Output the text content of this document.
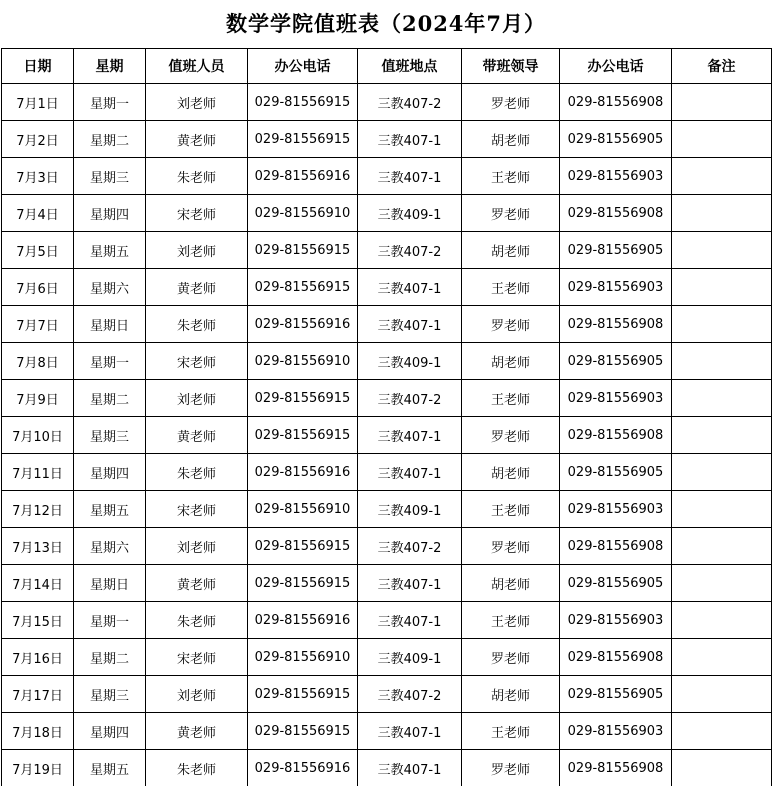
数学学院值班表（2024年7月）
日期	星期	值班人员	办公电话	值班地点	带班领导	办公电话	备注
7月1日	星期一	刘老师	029-81556915	三教407-2	罗老师	029-81556908	
7月2日	星期二	黄老师	029-81556915	三教407-1	胡老师	029-81556905	
7月3日	星期三	朱老师	029-81556916	三教407-1	王老师	029-81556903	
7月4日	星期四	宋老师	029-81556910	三教409-1	罗老师	029-81556908	
7月5日	星期五	刘老师	029-81556915	三教407-2	胡老师	029-81556905	
7月6日	星期六	黄老师	029-81556915	三教407-1	王老师	029-81556903	
7月7日	星期日	朱老师	029-81556916	三教407-1	罗老师	029-81556908	
7月8日	星期一	宋老师	029-81556910	三教409-1	胡老师	029-81556905	
7月9日	星期二	刘老师	029-81556915	三教407-2	王老师	029-81556903	
7月10日	星期三	黄老师	029-81556915	三教407-1	罗老师	029-81556908	
7月11日	星期四	朱老师	029-81556916	三教407-1	胡老师	029-81556905	
7月12日	星期五	宋老师	029-81556910	三教409-1	王老师	029-81556903	
7月13日	星期六	刘老师	029-81556915	三教407-2	罗老师	029-81556908	
7月14日	星期日	黄老师	029-81556915	三教407-1	胡老师	029-81556905	
7月15日	星期一	朱老师	029-81556916	三教407-1	王老师	029-81556903	
7月16日	星期二	宋老师	029-81556910	三教409-1	罗老师	029-81556908	
7月17日	星期三	刘老师	029-81556915	三教407-2	胡老师	029-81556905	
7月18日	星期四	黄老师	029-81556915	三教407-1	王老师	029-81556903	
7月19日	星期五	朱老师	029-81556916	三教407-1	罗老师	029-81556908	
